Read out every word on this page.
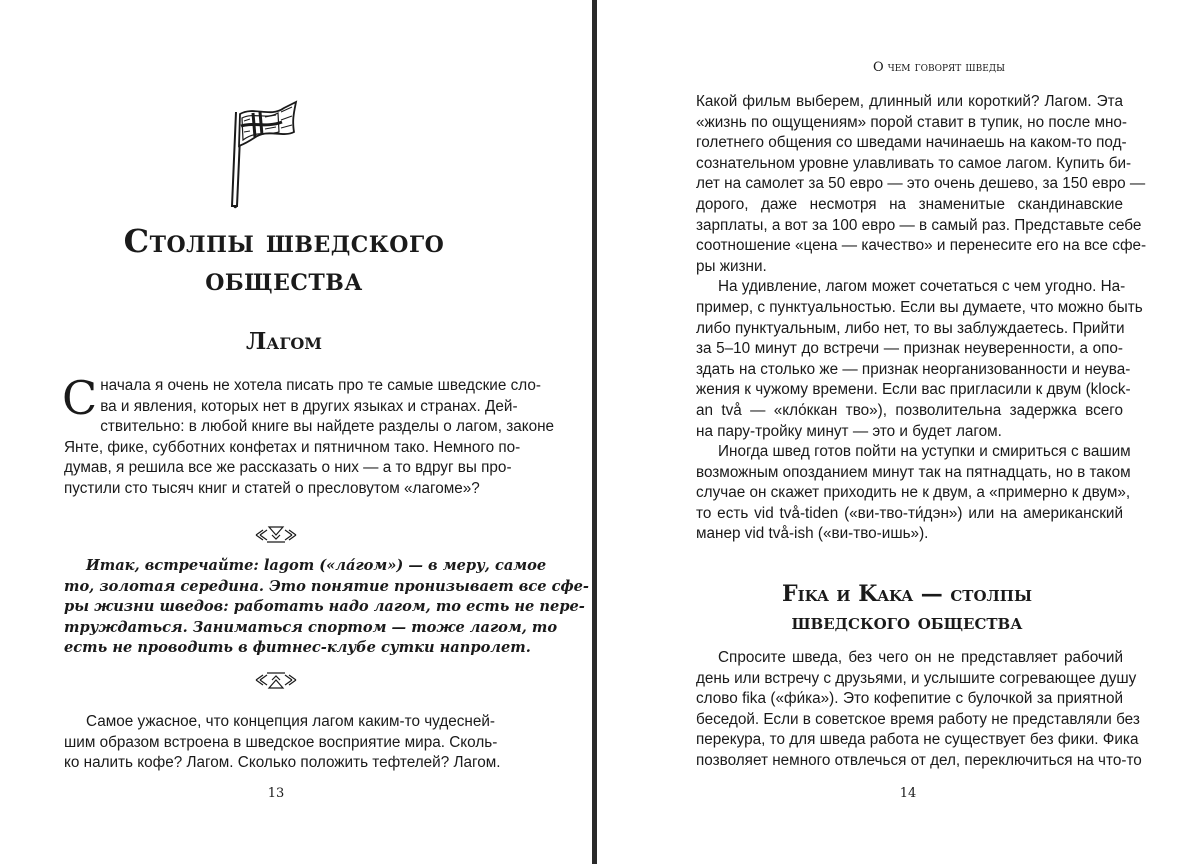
Столпы шведского
общества
Лагом

С начала я очень не хотела писать про те самые шведские сло-
ва и явления, которых нет в других языках и странах. Дей-
ствительно: в любой книге вы найдете разделы о лагом, законе
Янте, фике, субботних конфетах и пятничном тако. Немного по-
думав, я решила все же рассказать о них — а то вдруг вы про-
пустили сто тысяч книг и статей о пресловутом «лагоме»?

Итак, встречайте: lagom («ла́гом») — в меру, самое
то, золотая середина. Это понятие пронизывает все сфе-
ры жизни шведов: работать надо лагом, то есть не пере-
труждаться. Заниматься спортом — тоже лагом, то
есть не проводить в фитнес-клубе сутки напролет.

Самое ужасное, что концепция лагом каким-то чудесней-
шим образом встроена в шведское восприятие мира. Сколь-
ко налить кофе? Лагом. Сколько положить тефтелей? Лагом.

13

О чем говорят шведы

Какой фильм выберем, длинный или короткий? Лагом. Эта
«жизнь по ощущениям» порой ставит в тупик, но после мно-
голетнего общения со шведами начинаешь на каком-то под-
сознательном уровне улавливать то самое лагом. Купить би-
лет на самолет за 50 евро — это очень дешево, за 150 евро —
дорого, даже несмотря на знаменитые скандинавские
зарплаты, а вот за 100 евро — в самый раз. Представьте себе
соотношение «цена — качество» и перенесите его на все сфе-
ры жизни.
На удивление, лагом может сочетаться с чем угодно. На-
пример, с пунктуальностью. Если вы думаете, что можно быть
либо пунктуальным, либо нет, то вы заблуждаетесь. Прийти
за 5–10 минут до встречи — признак неуверенности, а опо-
здать на столько же — признак неорганизованности и неува-
жения к чужому времени. Если вас пригласили к двум (klock-
an två — «кло́ккан тво»), позволительна задержка всего
на пару-тройку минут — это и будет лагом.
Иногда швед готов пойти на уступки и смириться с вашим
возможным опозданием минут так на пятнадцать, но в таком
случае он скажет приходить не к двум, а «примерно к двум»,
то есть vid två-tiden («ви-тво-ти́дэн») или на американский
манер vid två-ish («ви-тво-ишь»).

Fika и Kaka — столпы
шведского общества

Спросите шведа, без чего он не представляет рабочий
день или встречу с друзьями, и услышите согревающее душу
слово fika («фи́ка»). Это кофепитие с булочкой за приятной
беседой. Если в советское время работу не представляли без
перекура, то для шведа работа не существует без фики. Фика
позволяет немного отвлечься от дел, переключиться на что-то

14
